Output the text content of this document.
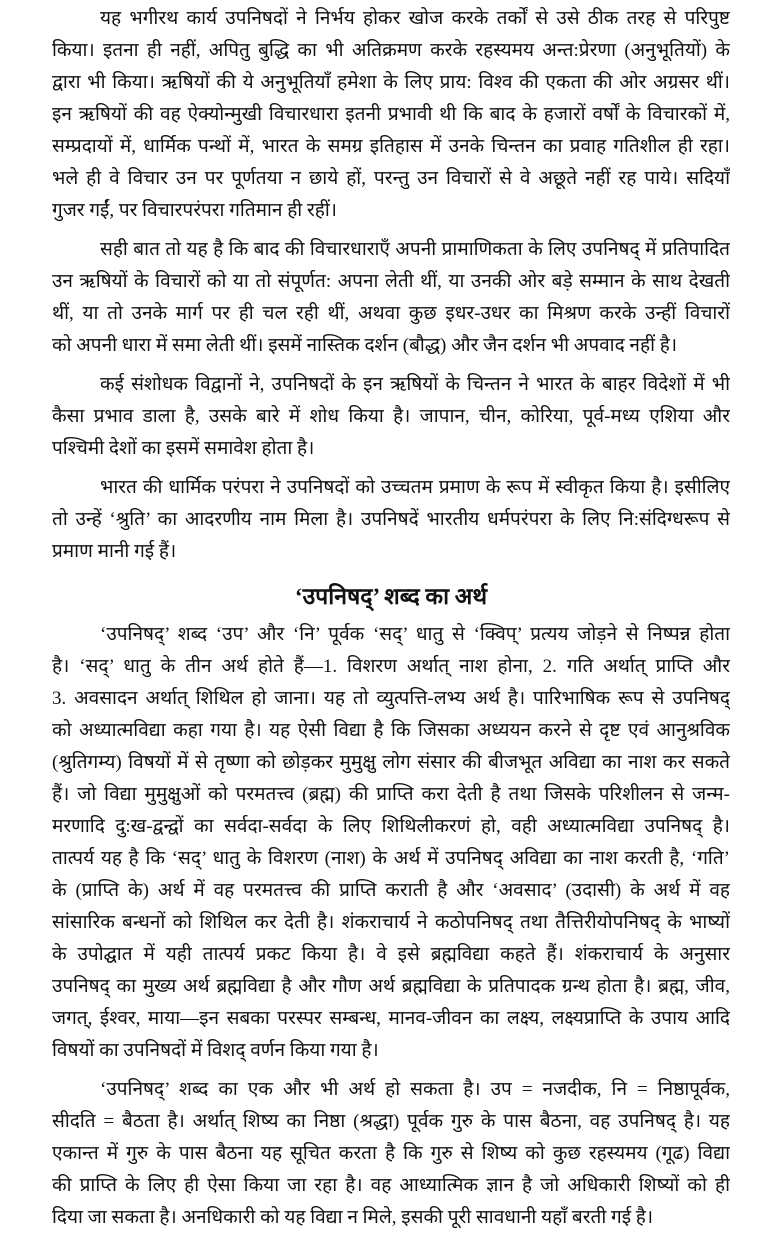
यह भगीरथ कार्य उपनिषदों ने निर्भय होकर खोज करके तर्कों से उसे ठीक तरह से परिपुष्ट
किया। इतना ही नहीं, अपितु बुद्धि का भी अतिक्रमण करके रहस्यमय अन्त:प्रेरणा (अनुभूतियों) के
द्वारा भी किया। ऋषियों की ये अनुभूतियाँ हमेशा के लिए प्राय: विश्व की एकता की ओर अग्रसर थीं।
इन ऋषियों की वह ऐक्योन्मुखी विचारधारा इतनी प्रभावी थी कि बाद के हजारों वर्षों के विचारकों में,
सम्प्रदायों में, धार्मिक पन्थों में, भारत के समग्र इतिहास में उनके चिन्तन का प्रवाह गतिशील ही रहा।
भले ही वे विचार उन पर पूर्णतया न छाये हों, परन्तु उन विचारों से वे अछूते नहीं रह पाये। सदियाँ
गुजर गईं, पर विचारपरंपरा गतिमान ही रहीं।
सही बात तो यह है कि बाद की विचारधाराएँ अपनी प्रामाणिकता के लिए उपनिषद् में प्रतिपादित
उन ऋषियों के विचारों को या तो संपूर्णत: अपना लेती थीं, या उनकी ओर बड़े सम्मान के साथ देखती
थीं, या तो उनके मार्ग पर ही चल रही थीं, अथवा कुछ इधर-उधर का मिश्रण करके उन्हीं विचारों
को अपनी धारा में समा लेती थीं। इसमें नास्तिक दर्शन (बौद्ध) और जैन दर्शन भी अपवाद नहीं है।
कई संशोधक विद्वानों ने, उपनिषदों के इन ऋषियों के चिन्तन ने भारत के बाहर विदेशों में भी
कैसा प्रभाव डाला है, उसके बारे में शोध किया है। जापान, चीन, कोरिया, पूर्व-मध्य एशिया और
पश्चिमी देशों का इसमें समावेश होता है।
भारत की धार्मिक परंपरा ने उपनिषदों को उच्चतम प्रमाण के रूप में स्वीकृत किया है। इसीलिए
तो उन्हें ‘श्रुति’ का आदरणीय नाम मिला है। उपनिषदें भारतीय धर्मपरंपरा के लिए नि:संदिग्धरूप से
प्रमाण मानी गई हैं।
‘उपनिषद्’ शब्द का अर्थ
‘उपनिषद्’ शब्द ‘उप’ और ‘नि’ पूर्वक ‘सद्’ धातु से ‘क्विप्’ प्रत्यय जोड़ने से निष्पन्न होता
है। ‘सद्’ धातु के तीन अर्थ होते हैं—1. विशरण अर्थात् नाश होना, 2. गति अर्थात् प्राप्ति और
3. अवसादन अर्थात् शिथिल हो जाना। यह तो व्युत्पत्ति-लभ्य अर्थ है। पारिभाषिक रूप से उपनिषद्
को अध्यात्मविद्या कहा गया है। यह ऐसी विद्या है कि जिसका अध्ययन करने से दृष्ट एवं आनुश्रविक
(श्रुतिगम्य) विषयों में से तृष्णा को छोड़कर मुमुक्षु लोग संसार की बीजभूत अविद्या का नाश कर सकते
हैं। जो विद्या मुमुक्षुओं को परमतत्त्व (ब्रह्म) की प्राप्ति करा देती है तथा जिसके परिशीलन से जन्म-
मरणादि दु:ख-द्वन्द्वों का सर्वदा-सर्वदा के लिए शिथिलीकरणं हो, वही अध्यात्मविद्या उपनिषद् है।
तात्पर्य यह है कि ‘सद्’ धातु के विशरण (नाश) के अर्थ में उपनिषद् अविद्या का नाश करती है, ‘गति’
के (प्राप्ति के) अर्थ में वह परमतत्त्व की प्राप्ति कराती है और ‘अवसाद’ (उदासी) के अर्थ में वह
सांसारिक बन्धनों को शिथिल कर देती है। शंकराचार्य ने कठोपनिषद् तथा तैत्तिरीयोपनिषद् के भाष्यों
के उपोद्घात में यही तात्पर्य प्रकट किया है। वे इसे ब्रह्मविद्या कहते हैं। शंकराचार्य के अनुसार
उपनिषद् का मुख्य अर्थ ब्रह्मविद्या है और गौण अर्थ ब्रह्मविद्या के प्रतिपादक ग्रन्थ होता है। ब्रह्म, जीव,
जगत्, ईश्वर, माया—इन सबका परस्पर सम्बन्ध, मानव-जीवन का लक्ष्य, लक्ष्यप्राप्ति के उपाय आदि
विषयों का उपनिषदों में विशद् वर्णन किया गया है।
‘उपनिषद्’ शब्द का एक और भी अर्थ हो सकता है। उप = नजदीक, नि = निष्ठापूर्वक,
सीदति = बैठता है। अर्थात् शिष्य का निष्ठा (श्रद्धा) पूर्वक गुरु के पास बैठना, वह उपनिषद् है। यह
एकान्त में गुरु के पास बैठना यह सूचित करता है कि गुरु से शिष्य को कुछ रहस्यमय (गूढ) विद्या
की प्राप्ति के लिए ही ऐसा किया जा रहा है। वह आध्यात्मिक ज्ञान है जो अधिकारी शिष्यों को ही
दिया जा सकता है। अनधिकारी को यह विद्या न मिले, इसकी पूरी सावधानी यहाँ बरती गई है।
